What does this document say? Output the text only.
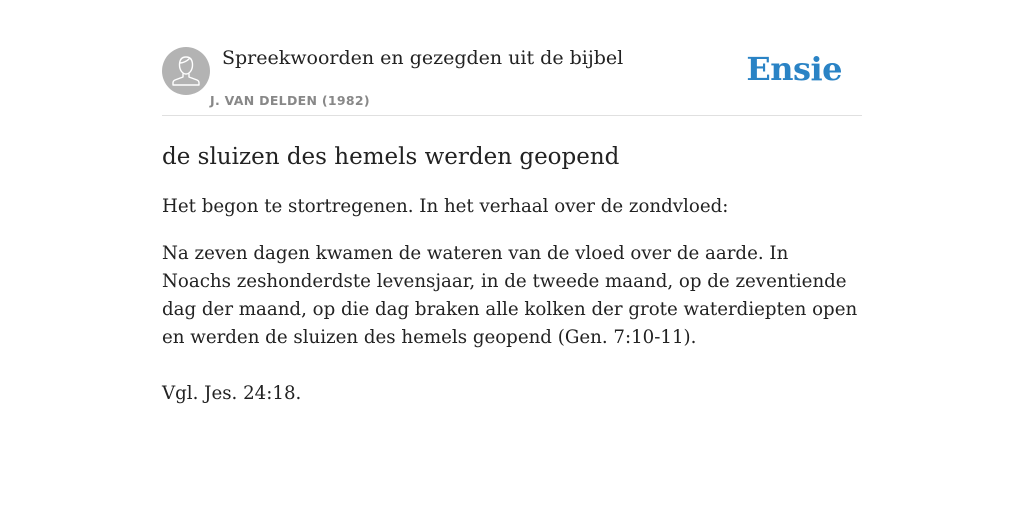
Spreekwoorden en gezegden uit de bijbel
J. VAN DELDEN (1982)
Ensie
de sluizen des hemels werden geopend

Het begon te stortregenen. In het verhaal over de zondvloed:

Na zeven dagen kwamen de wateren van de vloed over de aarde. In Noachs zeshonderdste levensjaar, in de tweede maand, op de zeventiende dag der maand, op die dag braken alle kolken der grote waterdiepten open en werden de sluizen des hemels geopend (Gen. 7:10-11).

Vgl. Jes. 24:18.
